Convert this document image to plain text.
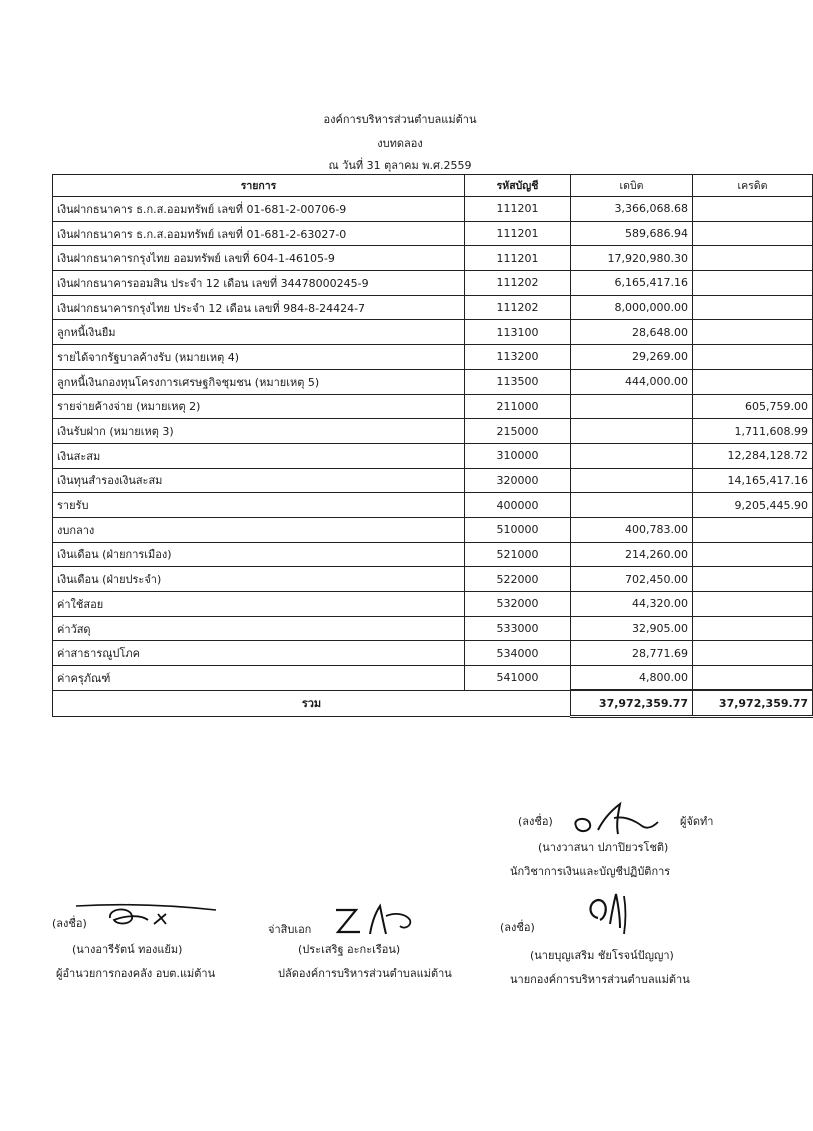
องค์การบริหารส่วนตำบลแม่ต้าน
งบทดลอง
ณ วันที่ 31 ตุลาคม พ.ศ.2559
รายการ	รหัสบัญชี	เดบิต	เครดิต
เงินฝากธนาคาร ธ.ก.ส.ออมทรัพย์ เลขที่ 01-681-2-00706-9	111201	3,366,068.68	
เงินฝากธนาคาร ธ.ก.ส.ออมทรัพย์ เลขที่ 01-681-2-63027-0	111201	589,686.94	
เงินฝากธนาคารกรุงไทย ออมทรัพย์ เลขที่ 604-1-46105-9	111201	17,920,980.30	
เงินฝากธนาคารออมสิน ประจำ 12 เดือน เลขที่ 34478000245-9	111202	6,165,417.16	
เงินฝากธนาคารกรุงไทย ประจำ 12 เดือน เลขที่ 984-8-24424-7	111202	8,000,000.00	
ลูกหนี้เงินยืม	113100	28,648.00	
รายได้จากรัฐบาลค้างรับ (หมายเหตุ 4)	113200	29,269.00	
ลูกหนี้เงินกองทุนโครงการเศรษฐกิจชุมชน (หมายเหตุ 5)	113500	444,000.00	
รายจ่ายค้างจ่าย (หมายเหตุ 2)	211000		605,759.00
เงินรับฝาก (หมายเหตุ 3)	215000		1,711,608.99
เงินสะสม	310000		12,284,128.72
เงินทุนสำรองเงินสะสม	320000		14,165,417.16
รายรับ	400000		9,205,445.90
งบกลาง	510000	400,783.00	
เงินเดือน (ฝ่ายการเมือง)	521000	214,260.00	
เงินเดือน (ฝ่ายประจำ)	522000	702,450.00	
ค่าใช้สอย	532000	44,320.00	
ค่าวัสดุ	533000	32,905.00	
ค่าสาธารณูปโภค	534000	28,771.69	
ค่าครุภัณฑ์	541000	4,800.00	
รวม		37,972,359.77	37,972,359.77
(ลงชื่อ)	ผู้จัดทำ
(นางวาสนา ปภาปิยวรโชติ)
นักวิชาการเงินและบัญชีปฏิบัติการ
(ลงชื่อ)
(นางอารีรัตน์ ทองแย้ม)
ผู้อำนวยการกองคลัง อบต.แม่ต้าน
จ่าสิบเอก
(ประเสริฐ อะกะเรือน)
ปลัดองค์การบริหารส่วนตำบลแม่ต้าน
(ลงชื่อ)
(นายบุญเสริม ชัยโรจน์ปัญญา)
นายกองค์การบริหารส่วนตำบลแม่ต้าน
